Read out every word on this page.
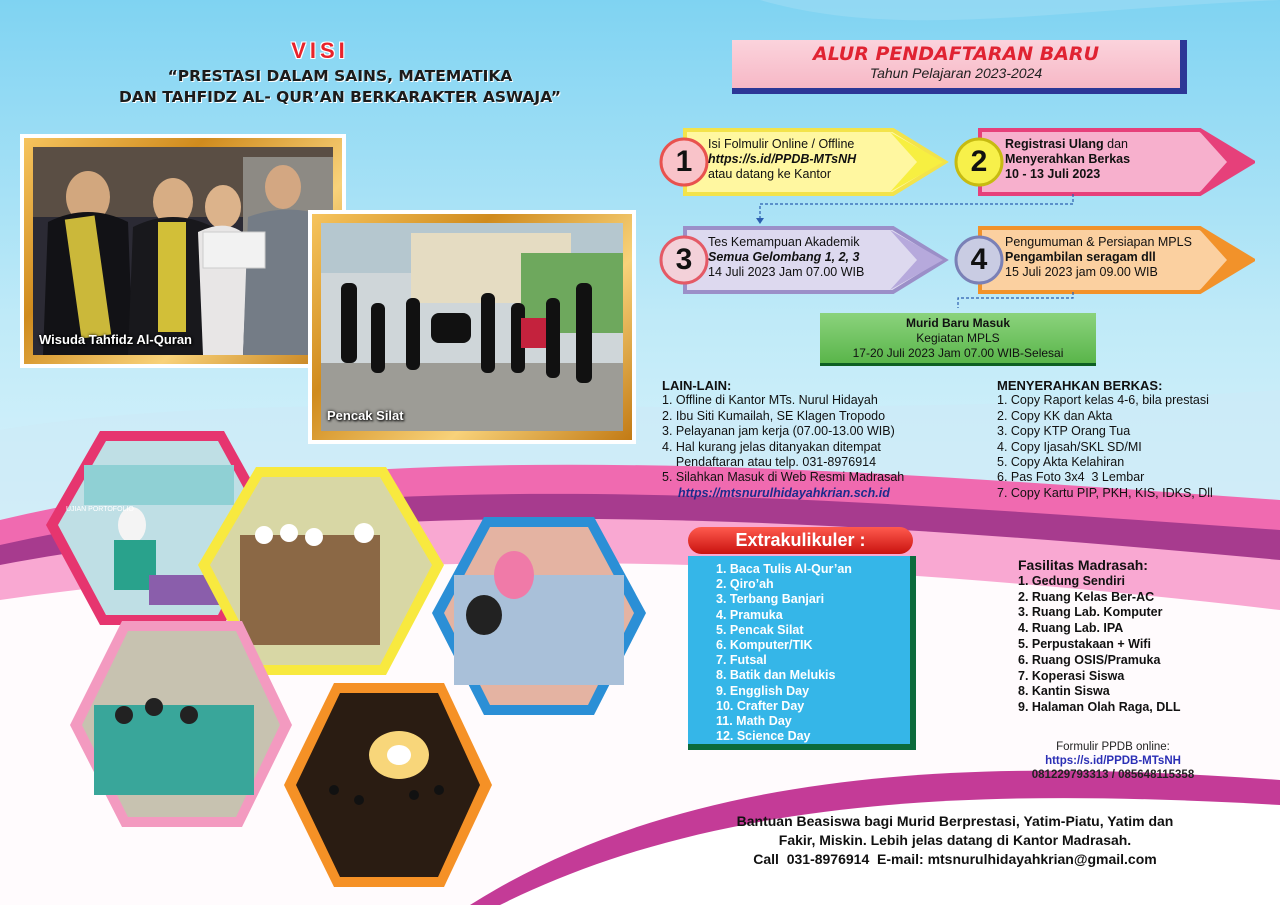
VISI
“PRESTASI DALAM SAINS, MATEMATIKA
DAN TAHFIDZ AL- QUR’AN BERKARAKTER ASWAJA”
Wisuda Tahfidz Al-Quran
Pencak Silat
UJIAN PORTOFOLIO
ALUR PENDAFTARAN BARU
Tahun Pelajaran 2023-2024
1	2
3	4
Isi Folmulir Online / Offline
https://s.id/PPDB-MTsNH
atau datang ke Kantor
Registrasi Ulang dan
Menyerahkan Berkas
10 - 13 Juli 2023
Tes Kemampuan Akademik
Semua Gelombang 1, 2, 3
14 Juli 2023 Jam 07.00 WIB
Pengumuman & Persiapan MPLS
Pengambilan seragam dll
15 Juli 2023 jam 09.00 WIB
Murid Baru Masuk
Kegiatan MPLS
17-20 Juli 2023 Jam 07.00 WIB-Selesai
LAIN-LAIN:
1. Offline di Kantor MTs. Nurul Hidayah
2. Ibu Siti Kumailah, SE Klagen Tropodo
3. Pelayanan jam kerja (07.00-13.00 WIB)
4. Hal kurang jelas ditanyakan ditempat
Pendaftaran atau telp. 031-8976914
5. Silahkan Masuk di Web Resmi Madrasah
https://mtsnurulhidayahkrian.sch.id
MENYERAHKAN BERKAS:
1. Copy Raport kelas 4-6, bila prestasi
2. Copy KK dan Akta
3. Copy KTP Orang Tua
4. Copy Ijasah/SKL SD/MI
5. Copy Akta Kelahiran
6. Pas Foto 3x4  3 Lembar
7. Copy Kartu PIP, PKH, KIS, IDKS, Dll
1. Baca Tulis Al-Qur’an
2. Qiro’ah
3. Terbang Banjari
4. Pramuka
5. Pencak Silat
6. Komputer/TIK
7. Futsal
8. Batik dan Melukis
9. Engglish Day
10. Crafter Day
11. Math Day
12. Science Day
Extrakulikuler :
Fasilitas Madrasah:
1. Gedung Sendiri
2. Ruang Kelas Ber-AC
3. Ruang Lab. Komputer
4. Ruang Lab. IPA
5. Perpustakaan + Wifi
6. Ruang OSIS/Pramuka
7. Koperasi Siswa
8. Kantin Siswa
9. Halaman Olah Raga, DLL
Formulir PPDB online:
https://s.id/PPDB-MTsNH
081229793313 / 085648115358
Bantuan Beasiswa bagi Murid Berprestasi, Yatim-Piatu, Yatim dan
Fakir, Miskin. Lebih jelas datang di Kantor Madrasah.
Call  031-8976914  E-mail: mtsnurulhidayahkrian@gmail.com
